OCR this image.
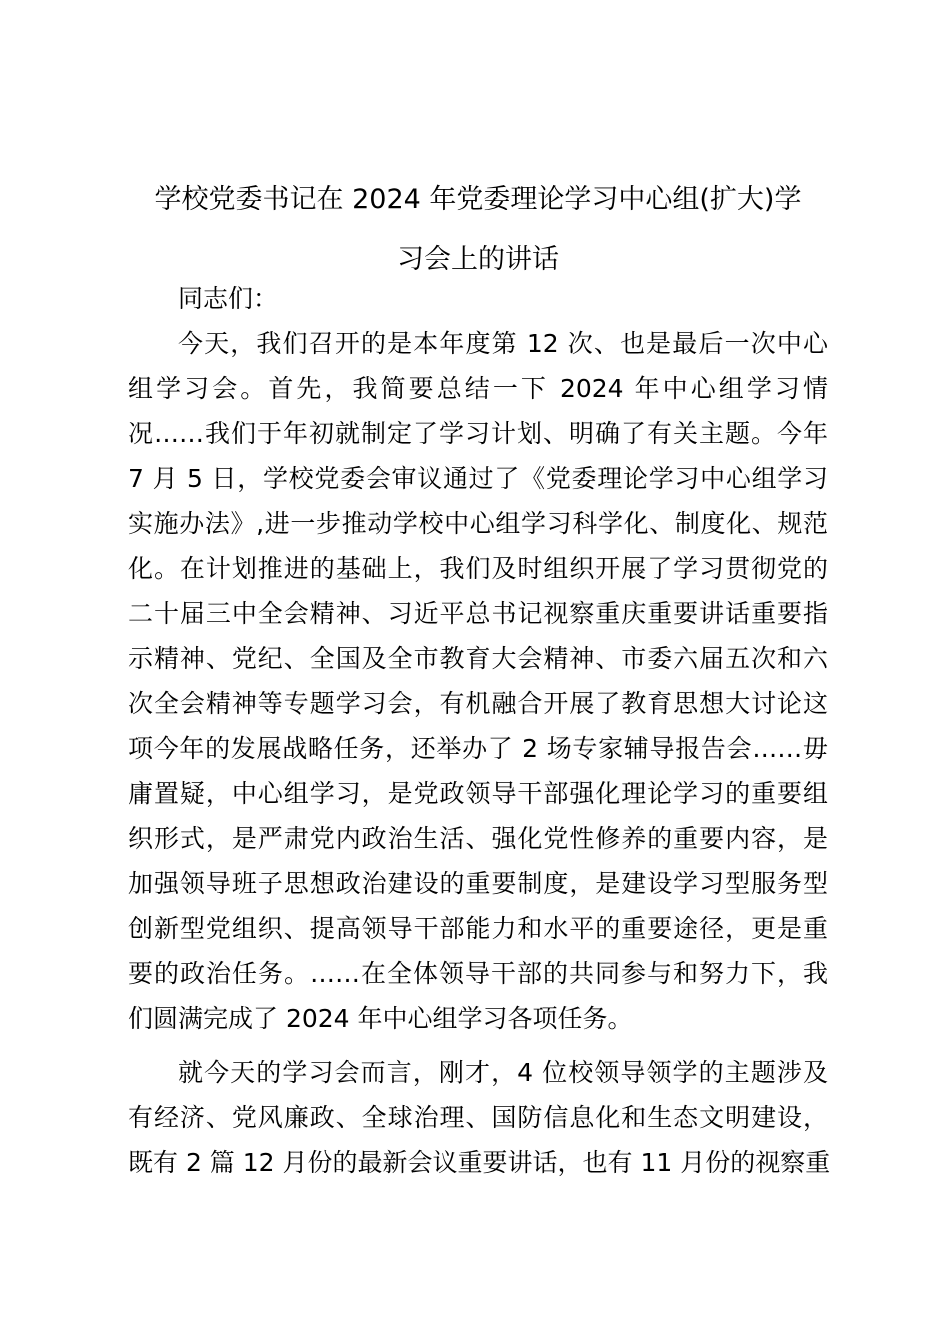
学校党委书记在 2024 年党委理论学习中心组(扩大)学
习会上的讲话
同志们：
今天，我们召开的是本年度第 12 次、也是最后一次中心
组学习会。首先，我简要总结一下 2024 年中心组学习情
况……我们于年初就制定了学习计划、明确了有关主题。今年
7 月 5 日，学校党委会审议通过了《党委理论学习中心组学习
实施办法》,进一步推动学校中心组学习科学化、制度化、规范
化。在计划推进的基础上，我们及时组织开展了学习贯彻党的
二十届三中全会精神、习近平总书记视察重庆重要讲话重要指
示精神、党纪、全国及全市教育大会精神、市委六届五次和六
次全会精神等专题学习会，有机融合开展了教育思想大讨论这
项今年的发展战略任务，还举办了 2 场专家辅导报告会……毋
庸置疑，中心组学习，是党政领导干部强化理论学习的重要组
织形式，是严肃党内政治生活、强化党性修养的重要内容，是
加强领导班子思想政治建设的重要制度，是建设学习型服务型
创新型党组织、提高领导干部能力和水平的重要途径，更是重
要的政治任务。……在全体领导干部的共同参与和努力下，我
们圆满完成了 2024 年中心组学习各项任务。
就今天的学习会而言，刚才，4 位校领导领学的主题涉及
有经济、党风廉政、全球治理、国防信息化和生态文明建设，
既有 2 篇 12 月份的最新会议重要讲话，也有 11 月份的视察重
